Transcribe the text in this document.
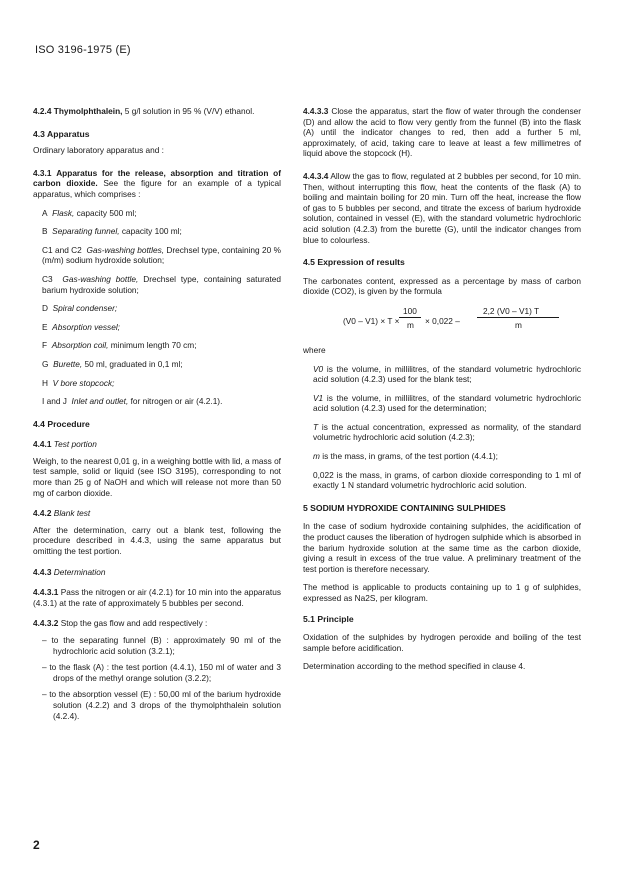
ISO 3196-1975 (E)

4.2.4 Thymolphthalein, 5 g/l solution in 95 % (V/V) ethanol.

4.3 Apparatus

Ordinary laboratory apparatus and :

4.3.1 Apparatus for the release, absorption and titration of carbon dioxide. See the figure for an example of a typical apparatus, which comprises :

A Flask, capacity 500 ml;

B Separating funnel, capacity 100 ml;

C1 and C2 Gas-washing bottles, Drechsel type, containing 20 % (m/m) sodium hydroxide solution;

C3 Gas-washing bottle, Drechsel type, containing saturated barium hydroxide solution;

D Spiral condenser;

E Absorption vessel;

F Absorption coil, minimum length 70 cm;

G Burette, 50 ml, graduated in 0,1 ml;

H V bore stopcock;

I and J Inlet and outlet, for nitrogen or air (4.2.1).

4.4 Procedure

4.4.1 Test portion

Weigh, to the nearest 0,01 g, in a weighing bottle with lid, a mass of test sample, solid or liquid (see ISO 3195), corresponding to not more than 25 g of NaOH and which will release not more than 50 mg of carbon dioxide.

4.4.2 Blank test

After the determination, carry out a blank test, following the procedure described in 4.4.3, using the same apparatus but omitting the test portion.

4.4.3 Determination

4.4.3.1 Pass the nitrogen or air (4.2.1) for 10 min into the apparatus (4.3.1) at the rate of approximately 5 bubbles per second.

4.4.3.2 Stop the gas flow and add respectively :

– to the separating funnel (B) : approximately 90 ml of the hydrochloric acid solution (3.2.1);

– to the flask (A) : the test portion (4.4.1), 150 ml of water and 3 drops of the methyl orange solution (3.2.2);

– to the absorption vessel (E) : 50,00 ml of the barium hydroxide solution (4.2.2) and 3 drops of the thymolphthalein solution (4.2.4).

4.4.3.3 Close the apparatus, start the flow of water through the condenser (D) and allow the acid to flow very gently from the funnel (B) into the flask (A) until the indicator changes to red, then add a further 5 ml, approximately, of acid, taking care to leave at least a few millimetres of liquid above the stopcock (H).

4.4.3.4 Allow the gas to flow, regulated at 2 bubbles per second, for 10 min. Then, without interrupting this flow, heat the contents of the flask (A) to boiling and maintain boiling for 20 min. Turn off the heat, increase the flow of gas to 5 bubbles per second, and titrate the excess of barium hydroxide solution, contained in vessel (E), with the standard volumetric hydrochloric acid solution (4.2.3) from the burette (G), until the indicator changes from blue to colourless.

4.5 Expression of results

The carbonates content, expressed as a percentage by mass of carbon dioxide (CO2), is given by the formula

(V0 – V1) × T ×
100
m × 0,022 –
2,2 (V0 – V1) T
m

where

V0 is the volume, in millilitres, of the standard volumetric hydrochloric acid solution (4.2.3) used for the blank test;

V1 is the volume, in millilitres, of the standard volumetric hydrochloric acid solution (4.2.3) used for the determination;

T is the actual concentration, expressed as normality, of the standard volumetric hydrochloric acid solution (4.2.3);

m is the mass, in grams, of the test portion (4.4.1);

0,022 is the mass, in grams, of carbon dioxide corresponding to 1 ml of exactly 1 N standard volumetric hydrochloric acid solution.

5 SODIUM HYDROXIDE CONTAINING SULPHIDES

In the case of sodium hydroxide containing sulphides, the acidification of the product causes the liberation of hydrogen sulphide which is absorbed in the barium hydroxide solution at the same time as the carbon dioxide, giving a result in excess of the true value. A preliminary treatment of the test portion is therefore necessary.

The method is applicable to products containing up to 1 g of sulphides, expressed as Na2S, per kilogram.

5.1 Principle

Oxidation of the sulphides by hydrogen peroxide and boiling of the test sample before acidification.

Determination according to the method specified in clause 4.

2
